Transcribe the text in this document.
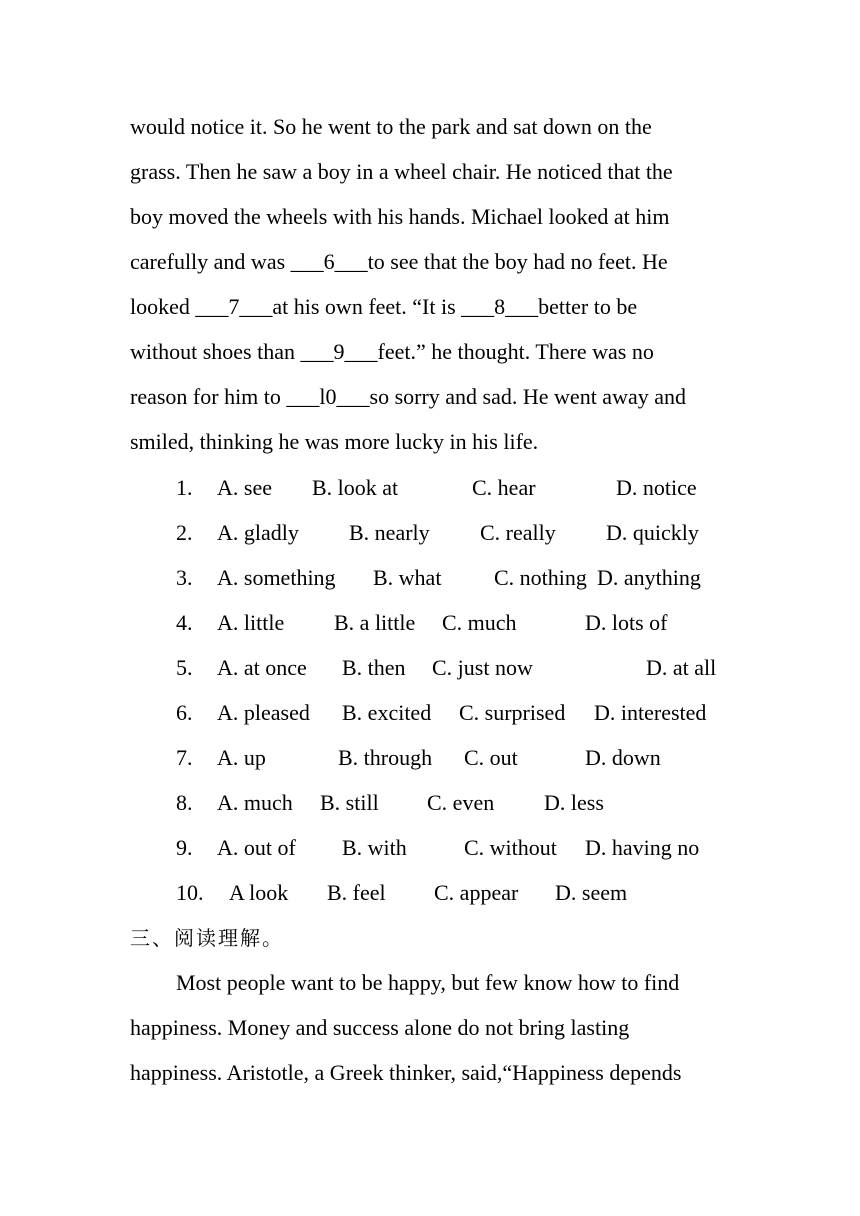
would notice it. So he went to the park and sat down on the
grass. Then he saw a boy in a wheel chair. He noticed that the
boy moved the wheels with his hands. Michael looked at him
carefully and was ___6___to see that the boy had no feet. He
looked ___7___at his own feet. “It is ___8___better to be
without shoes than ___9___feet.” he thought. There was no
reason for him to ___l0___so sorry and sad. He went away and
smiled, thinking he was more lucky in his life.
1. A. see B. look at	C. hear	D. notice
2. A. gladly B. nearly C. really D. quickly
3. A. something B. what C. nothing D. anything
4. A. little B. a little C. much	D. lots of
5. A. at once B. then C. just now	D. at all
6. A. pleased B. excited C. surprised D. interested
7. A. up	B. through C. out	D. down
8. A. much B. still C. even D. less
9. A. out of B. with	C. without D. having no
10. A look B. feel C. appear D. seem
三、阅读理解。
Most people want to be happy, but few know how to find
happiness. Money and success alone do not bring lasting
happiness. Aristotle, a Greek thinker, said,“Happiness depends
